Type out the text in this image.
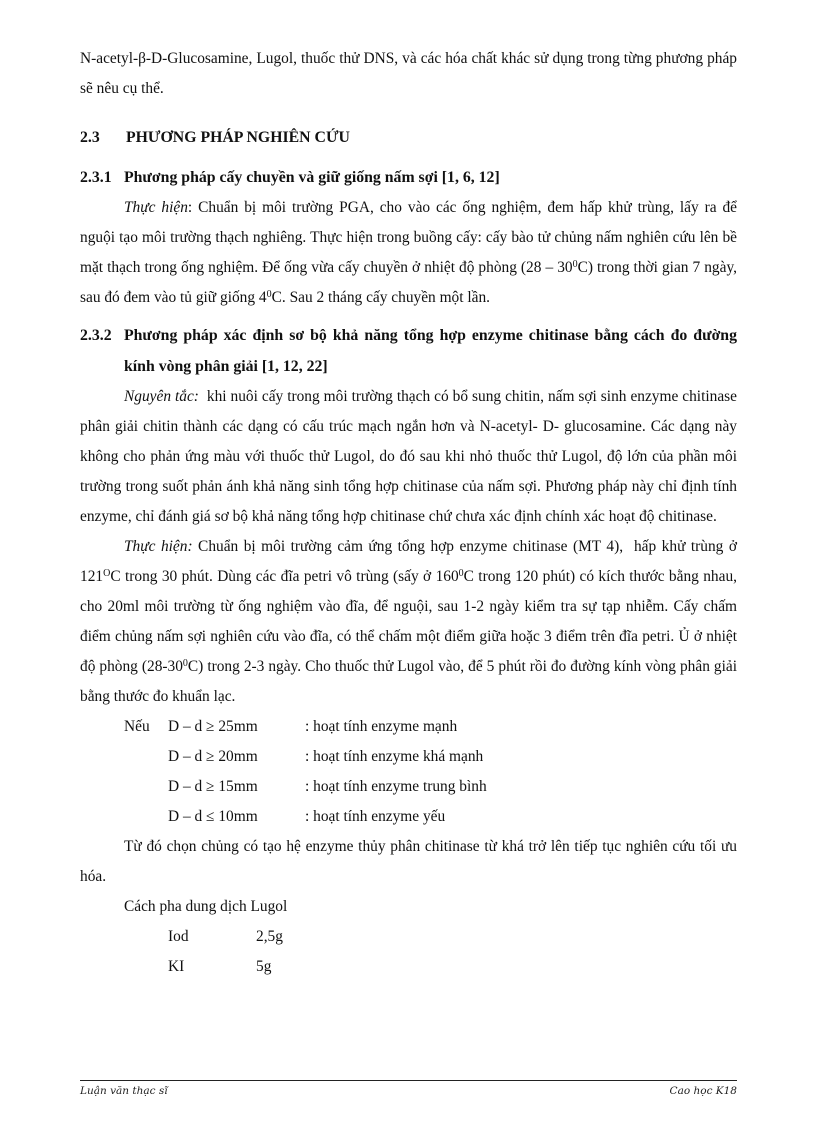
N-acetyl-β-D-Glucosamine, Lugol, thuốc thử DNS, và các hóa chất khác sử dụng trong từng phương pháp sẽ nêu cụ thể.

2.3 PHƯƠNG PHÁP NGHIÊN CỨU
2.3.1 Phương pháp cấy chuyền và giữ giống nấm sợi [1, 6, 12]

Thực hiện: Chuẩn bị môi trường PGA, cho vào các ống nghiệm, đem hấp khử trùng, lấy ra để nguội tạo môi trường thạch nghiêng. Thực hiện trong buồng cấy: cấy bào tử chủng nấm nghiên cứu lên bề mặt thạch trong ống nghiệm. Để ống vừa cấy chuyền ở nhiệt độ phòng $(28 - 30^0C)$ trong thời gian 7 ngày, sau đó đem vào tủ giữ giống $4^0C$. Sau 2 tháng cấy chuyền một lần.

2.3.2 Phương pháp xác định sơ bộ khả năng tổng hợp enzyme chitinase bằng cách đo đường kính vòng phân giải [1, 12, 22]

Nguyên tắc:  khi nuôi cấy trong môi trường thạch có bổ sung chitin, nấm sợi sinh enzyme chitinase phân giải chitin thành các dạng có cấu trúc mạch ngắn hơn và N-acetyl- D- glucosamine. Các dạng này không cho phản ứng màu với thuốc thử Lugol, do đó sau khi nhỏ thuốc thử Lugol, độ lớn của phần môi trường trong suốt phản ánh khả năng sinh tổng hợp chitinase của nấm sợi. Phương pháp này chỉ định tính enzyme, chỉ đánh giá sơ bộ khả năng tổng hợp chitinase chứ chưa xác định chính xác hoạt độ chitinase.

Thực hiện: Chuẩn bị môi trường cảm ứng tổng hợp enzyme chitinase (MT 4),  hấp khử trùng ở $121^OC$ trong 30 phút. Dùng các đĩa petri vô trùng (sấy ở $160^0C$ trong 120 phút) có kích thước bằng nhau, cho 20ml môi trường từ ống nghiệm vào đĩa, để nguội, sau 1-2 ngày kiểm tra sự tạp nhiễm. Cấy chấm điểm chủng nấm sợi nghiên cứu vào đĩa, có thể chấm một điểm giữa hoặc 3 điểm trên đĩa petri. Ủ ở nhiệt độ phòng $(28-30^0C)$ trong 2-3 ngày. Cho thuốc thử Lugol vào, để 5 phút rồi đo đường kính vòng phân giải bằng thước đo khuẩn lạc.

Nếu	D – d ≥ 25mm	: hoạt tính enzyme mạnh
D – d ≥ 20mm	: hoạt tính enzyme khá mạnh
D – d ≥ 15mm	: hoạt tính enzyme trung bình
D – d ≤ 10mm	: hoạt tính enzyme yếu

Từ đó chọn chủng có tạo hệ enzyme thủy phân chitinase từ khá trở lên tiếp tục nghiên cứu tối ưu hóa.

Cách pha dung dịch Lugol

Iod	2,5g
KI	5g
Luận văn thạc sĩ	Cao học K18
